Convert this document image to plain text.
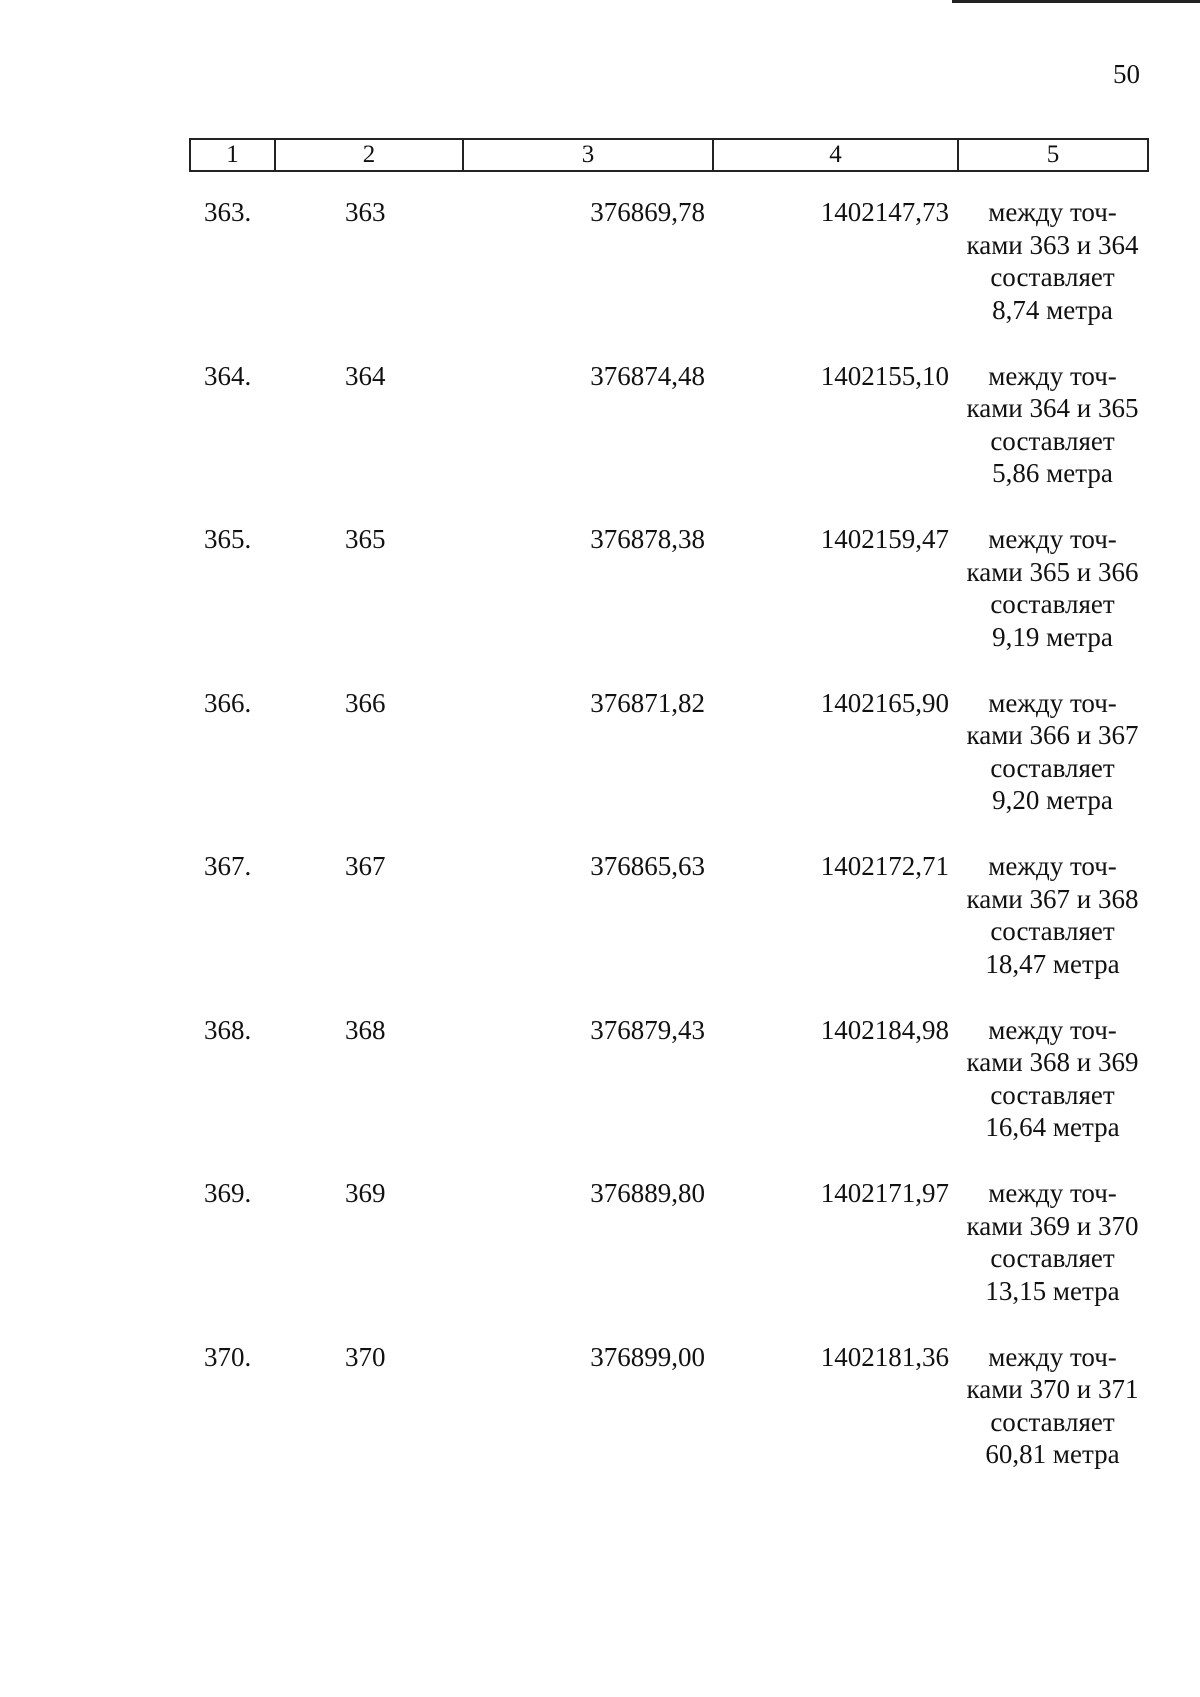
50
1	2	3	4	5
363.	363	376869,78	1402147,73	между точ-
ками 363 и 364
составляет
8,74 метра
364.	364	376874,48	1402155,10	между точ-
ками 364 и 365
составляет
5,86 метра
365.	365	376878,38	1402159,47	между точ-
ками 365 и 366
составляет
9,19 метра
366.	366	376871,82	1402165,90	между точ-
ками 366 и 367
составляет
9,20 метра
367.	367	376865,63	1402172,71	между точ-
ками 367 и 368
составляет
18,47 метра
368.	368	376879,43	1402184,98	между точ-
ками 368 и 369
составляет
16,64 метра
369.	369	376889,80	1402171,97	между точ-
ками 369 и 370
составляет
13,15 метра
370.	370	376899,00	1402181,36	между точ-
ками 370 и 371
составляет
60,81 метра
